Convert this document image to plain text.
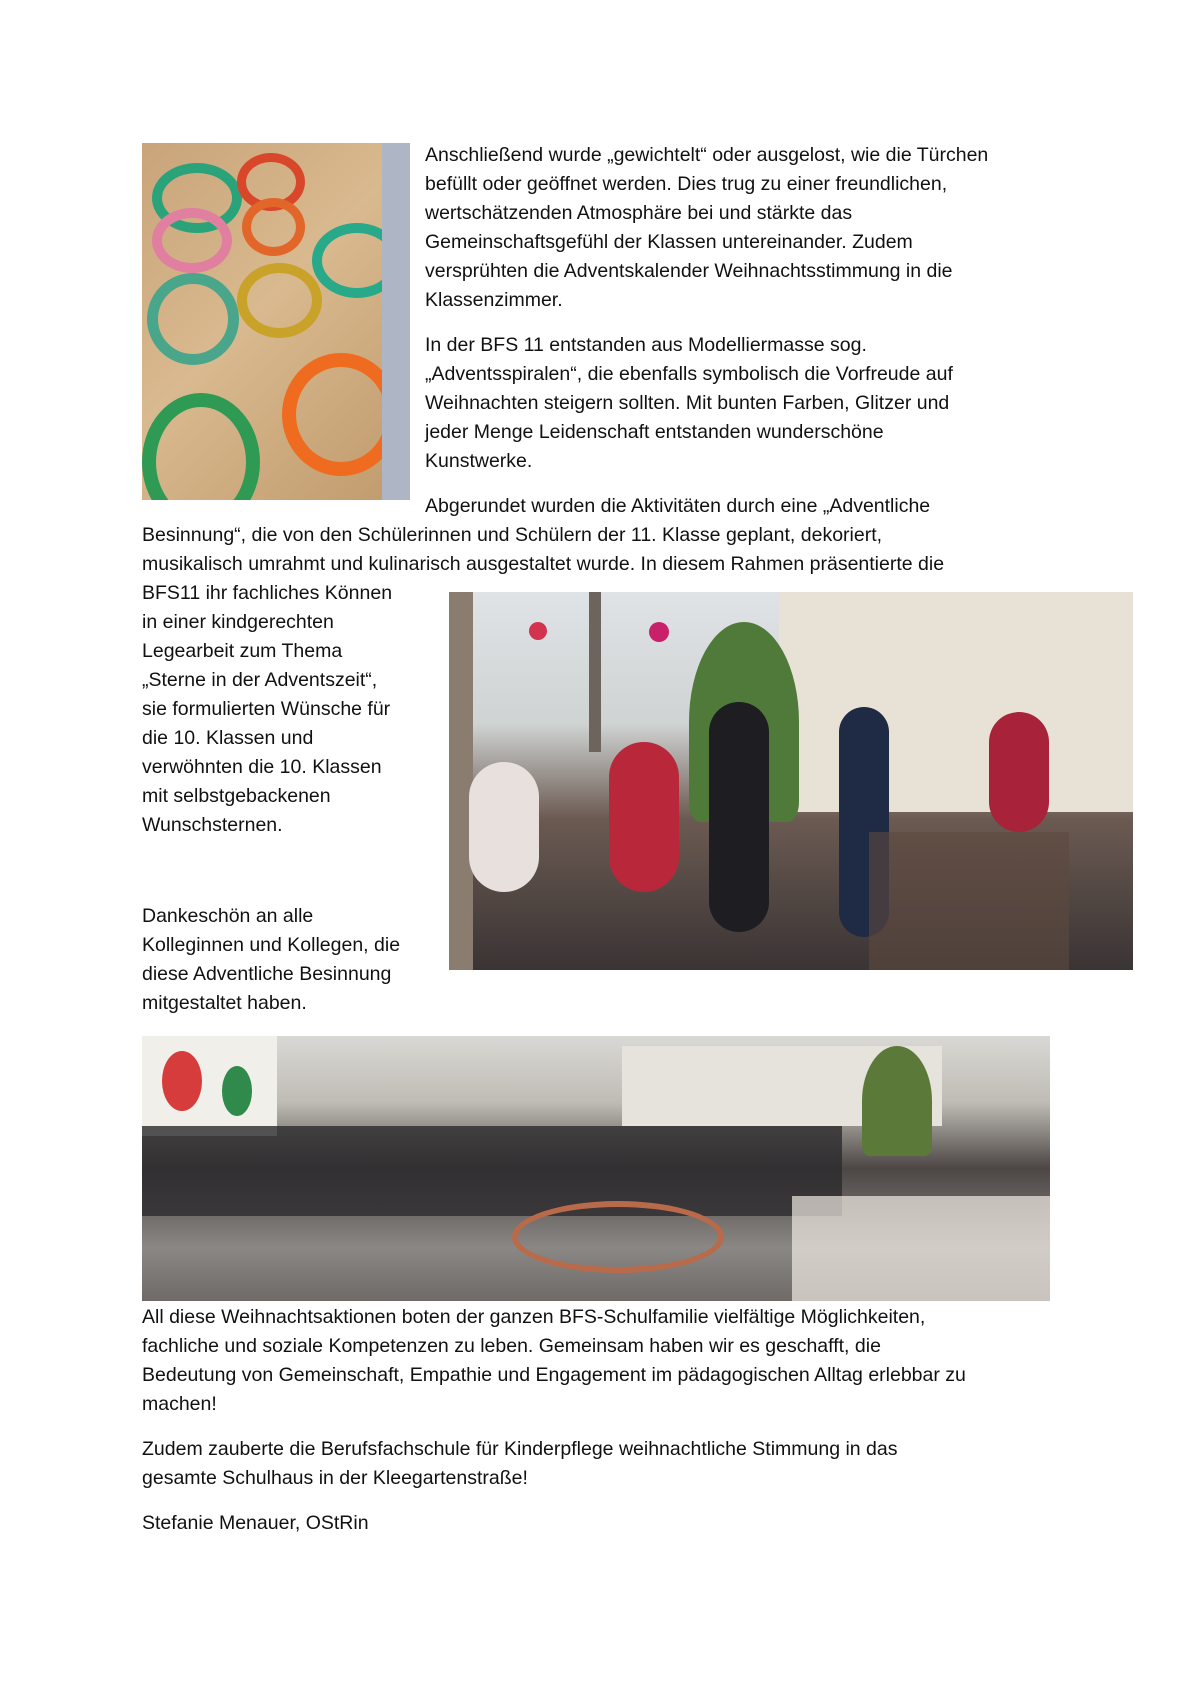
Anschließend wurde „gewichtelt“ oder ausgelost, wie die Türchen
befüllt oder geöffnet werden. Dies trug zu einer freundlichen,
wertschätzenden Atmosphäre bei und stärkte das
Gemeinschaftsgefühl der Klassen untereinander. Zudem
versprühten die Adventskalender Weihnachtsstimmung in die
Klassenzimmer.
In der BFS 11 entstanden aus Modelliermasse sog.
„Adventsspiralen“, die ebenfalls symbolisch die Vorfreude auf
Weihnachten steigern sollten. Mit bunten Farben, Glitzer und
jeder Menge Leidenschaft entstanden wunderschöne
Kunstwerke.
Abgerundet wurden die Aktivitäten durch eine „Adventliche
Besinnung“, die von den Schülerinnen und Schülern der 11. Klasse geplant, dekoriert,
musikalisch umrahmt und kulinarisch ausgestaltet wurde. In diesem Rahmen präsentierte die
BFS11 ihr fachliches Können
in einer kindgerechten
Legearbeit zum Thema
„Sterne in der Adventszeit“,
sie formulierten Wünsche für
die 10. Klassen und
verwöhnten die 10. Klassen
mit selbstgebackenen
Wunschsternen.
Dankeschön an alle
Kolleginnen und Kollegen, die
diese Adventliche Besinnung
mitgestaltet haben.
All diese Weihnachtsaktionen boten der ganzen BFS-Schulfamilie vielfältige Möglichkeiten,
fachliche und soziale Kompetenzen zu leben. Gemeinsam haben wir es geschafft, die
Bedeutung von Gemeinschaft, Empathie und Engagement im pädagogischen Alltag erlebbar zu
machen!
Zudem zauberte die Berufsfachschule für Kinderpflege weihnachtliche Stimmung in das
gesamte Schulhaus in der Kleegartenstraße!
Stefanie Menauer, OStRin
